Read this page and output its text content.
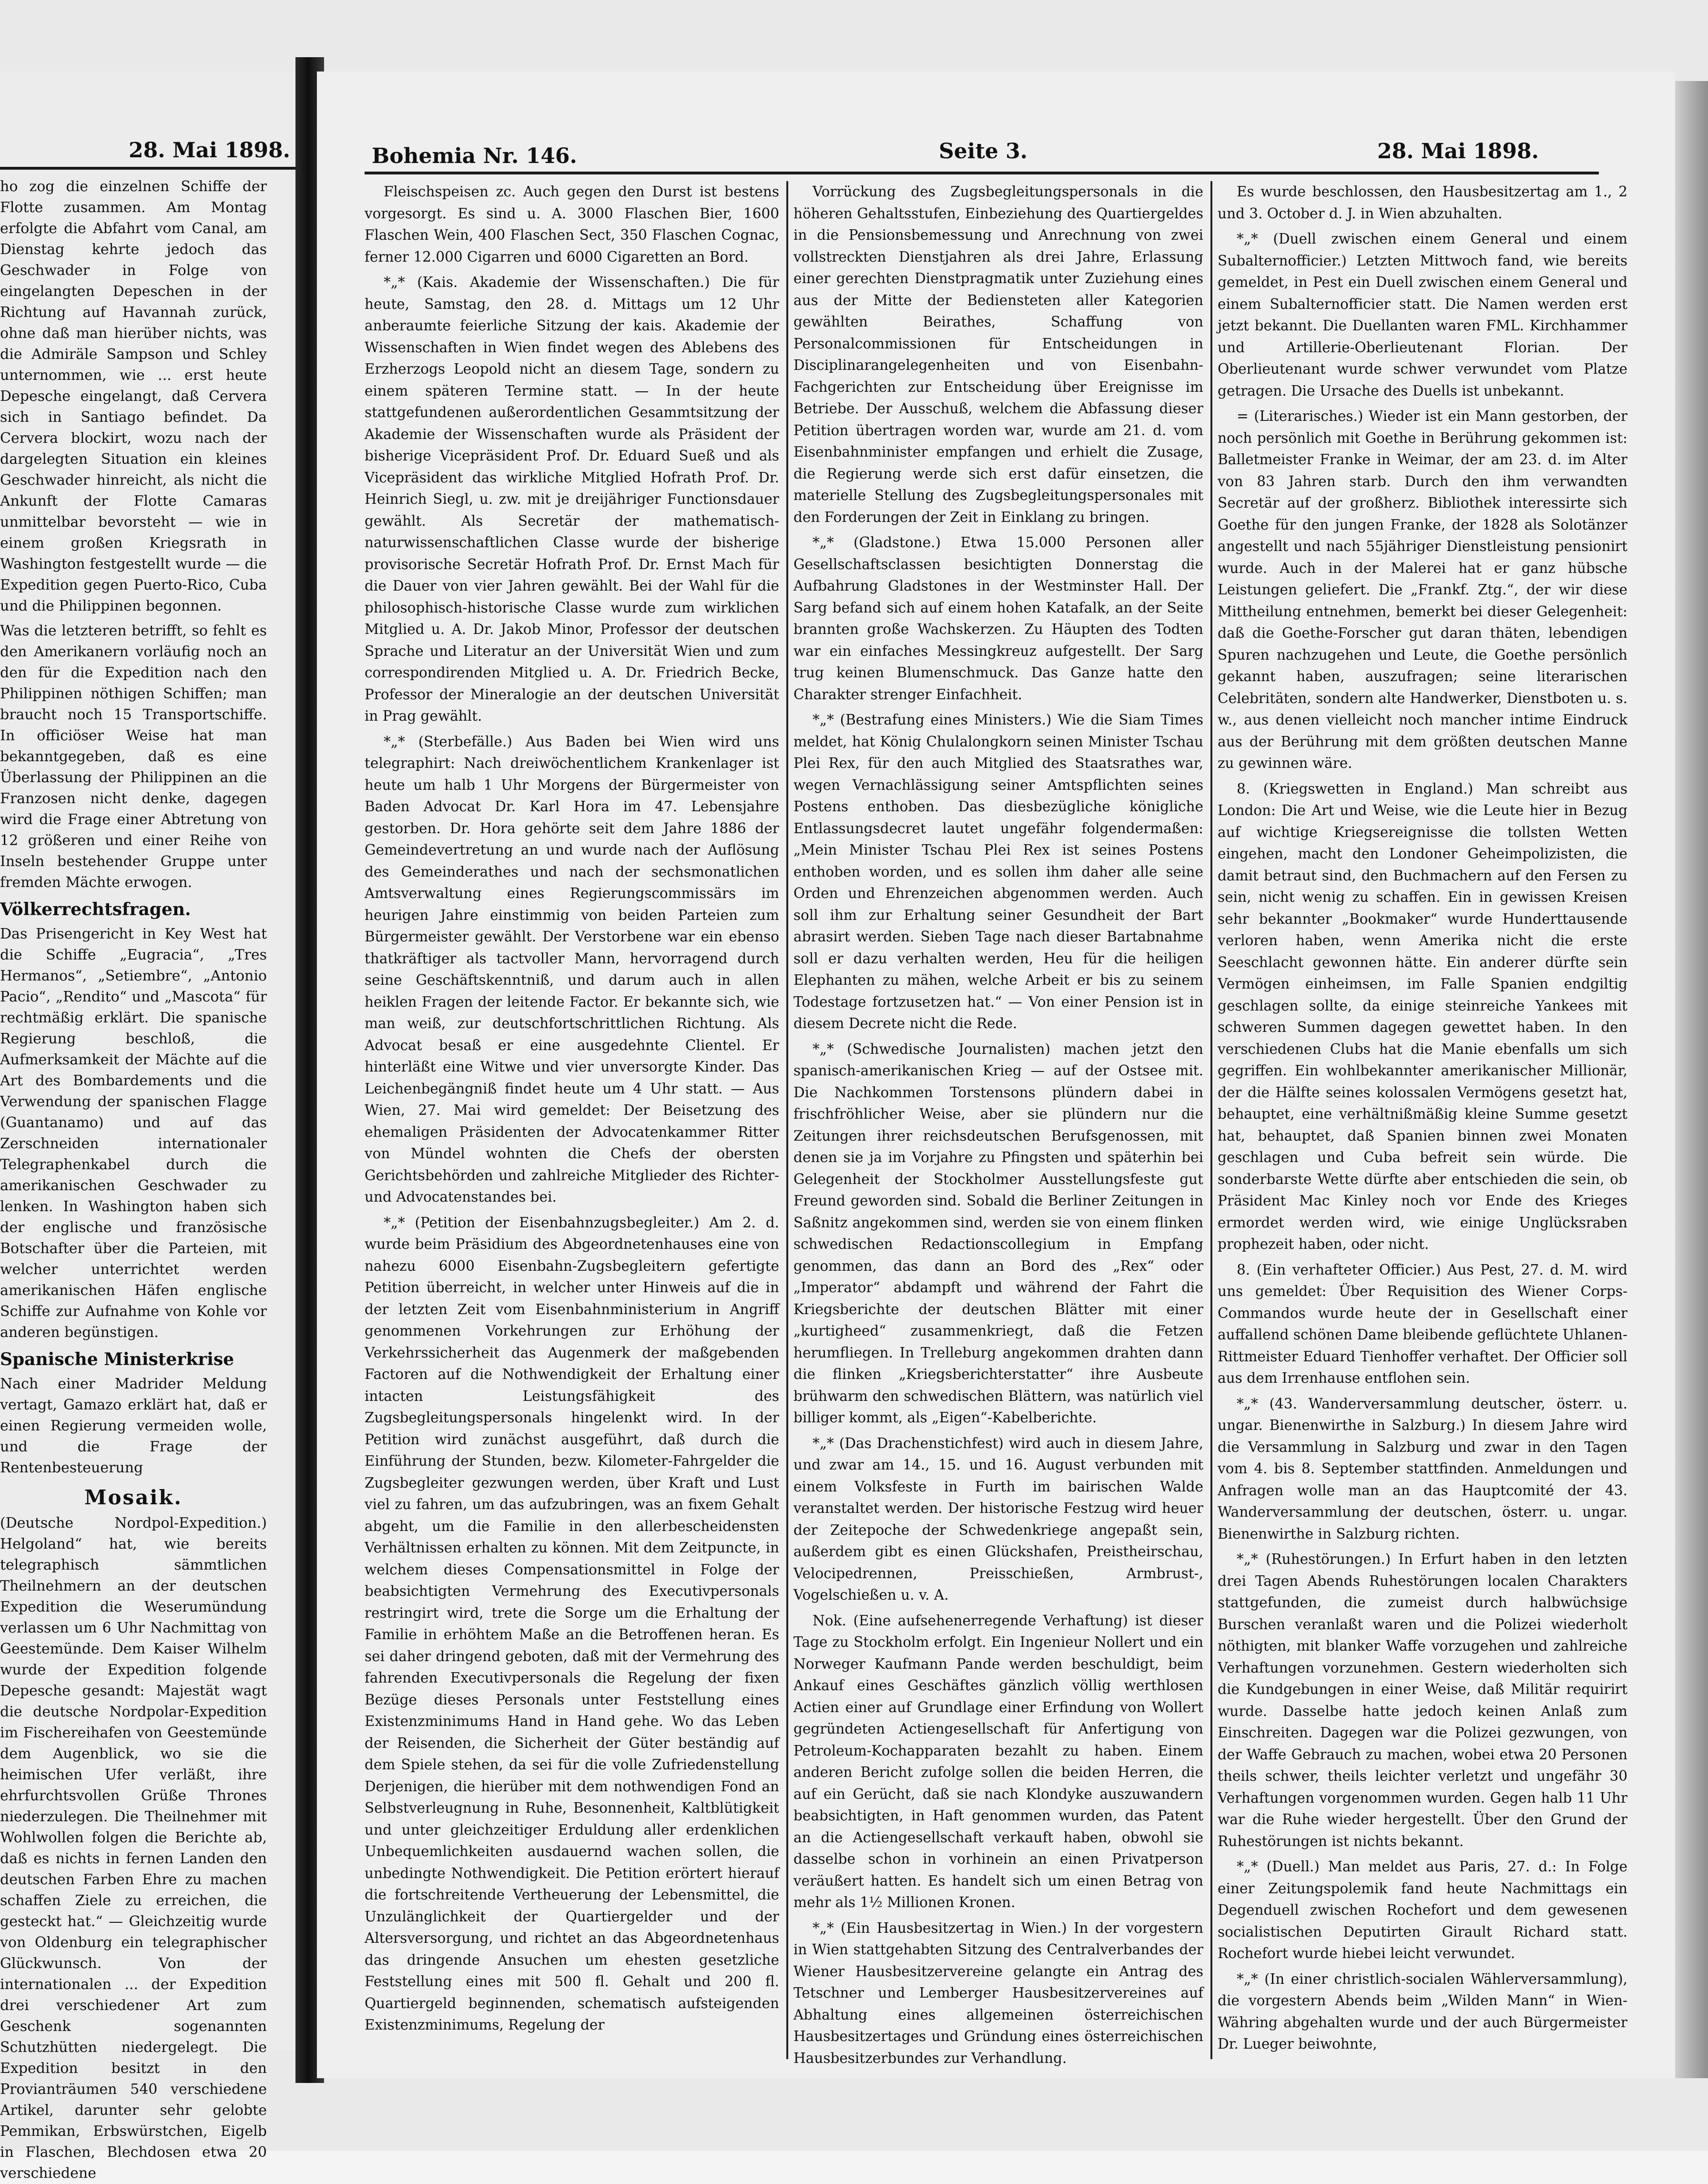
28. Mai 1898.

ho zog die einzelnen Schiffe der Flotte zusammen. Am Montag erfolgte die Abfahrt vom Canal, am Dienstag kehrte jedoch das Geschwader in Folge von eingelangten Depeschen in der Richtung auf Havannah zurück, ohne daß man hierüber nichts, was die Admiräle Sampson und Schley unternommen, wie ... erst heute Depesche eingelangt, daß Cervera sich in Santiago befindet. Da Cervera blockirt, wozu nach der dargelegten Situation ein kleines Geschwader hinreicht, als nicht die Ankunft der Flotte Camaras unmittelbar bevorsteht — wie in einem großen Kriegsrath in Washington festgestellt wurde — die Expedition gegen Puerto-Rico, Cuba und die Philippinen begonnen.

Was die letzteren betrifft, so fehlt es den Amerikanern vorläufig noch an den für die Expedition nach den Philippinen nöthigen Schiffen; man braucht noch 15 Transportschiffe. In officiöser Weise hat man bekanntgegeben, daß es eine Überlassung der Philippinen an die Franzosen nicht denke, dagegen wird die Frage einer Abtretung von 12 größeren und einer Reihe von Inseln bestehender Gruppe unter fremden Mächte erwogen.

Völkerrechtsfragen.

Das Prisengericht in Key West hat die Schiffe „Eugracia“, „Tres Hermanos“, „Setiembre“, „Antonio Pacio“, „Rendito“ und „Mascota“ für rechtmäßig erklärt. Die spanische Regierung beschloß, die Aufmerksamkeit der Mächte auf die Art des Bombardements und die Verwendung der spanischen Flagge (Guantanamo) und auf das Zerschneiden internationaler Telegraphenkabel durch die amerikanischen Geschwader zu lenken. In Washington haben sich der englische und französische Botschafter über die Parteien, mit welcher unterrichtet werden amerikanischen Häfen englische Schiffe zur Aufnahme von Kohle vor anderen begünstigen.

Spanische Ministerkrise

Nach einer Madrider Meldung vertagt, Gamazo erklärt hat, daß er einen Regierung vermeiden wolle, und die Frage der Rentenbesteuerung

Mosaik.

(Deutsche Nordpol-Expedition.) Helgoland“ hat, wie bereits telegraphisch sämmtlichen Theilnehmern an der deutschen Expedition die Weserumündung verlassen um 6 Uhr Nachmittag von Geestemünde. Dem Kaiser Wilhelm wurde der Expedition folgende Depesche gesandt: Majestät wagt die deutsche Nordpolar-Expedition im Fischereihafen von Geestemünde dem Augenblick, wo sie die heimischen Ufer verläßt, ihre ehrfurchtsvollen Grüße Thrones niederzulegen. Die Theilnehmer mit Wohlwollen folgen die Berichte ab, daß es nichts in fernen Landen den deutschen Farben Ehre zu machen schaffen Ziele zu erreichen, die gesteckt hat.“ — Gleichzeitig wurde von Oldenburg ein telegraphischer Glückwunsch. Von der internationalen ... der Expedition drei verschiedener Art zum Geschenk sogenannten Schutzhütten niedergelegt. Die Expedition besitzt in den Provianträumen 540 verschiedene Artikel, darunter sehr gelobte Pemmikan, Erbswürstchen, Eigelb in Flaschen, Blechdosen etwa 20 verschiedene

Bohemia Nr. 146.	Seite 3.	28. Mai 1898.

Fleischspeisen zc. Auch gegen den Durst ist bestens vorgesorgt. Es sind u. A. 3000 Flaschen Bier, 1600 Flaschen Wein, 400 Flaschen Sect, 350 Flaschen Cognac, ferner 12.000 Cigarren und 6000 Cigaretten an Bord.

*„* (Kais. Akademie der Wissenschaften.) Die für heute, Samstag, den 28. d. Mittags um 12 Uhr anberaumte feierliche Sitzung der kais. Akademie der Wissenschaften in Wien findet wegen des Ablebens des Erzherzogs Leopold nicht an diesem Tage, sondern zu einem späteren Termine statt. — In der heute stattgefundenen außerordentlichen Gesammtsitzung der Akademie der Wissenschaften wurde als Präsident der bisherige Vicepräsident Prof. Dr. Eduard Sueß und als Vicepräsident das wirkliche Mitglied Hofrath Prof. Dr. Heinrich Siegl, u. zw. mit je dreijähriger Functionsdauer gewählt. Als Secretär der mathematisch-naturwissenschaftlichen Classe wurde der bisherige provisorische Secretär Hofrath Prof. Dr. Ernst Mach für die Dauer von vier Jahren gewählt. Bei der Wahl für die philosophisch-historische Classe wurde zum wirklichen Mitglied u. A. Dr. Jakob Minor, Professor der deutschen Sprache und Literatur an der Universität Wien und zum correspondirenden Mitglied u. A. Dr. Friedrich Becke, Professor der Mineralogie an der deutschen Universität in Prag gewählt.

*„* (Sterbefälle.) Aus Baden bei Wien wird uns telegraphirt: Nach dreiwöchentlichem Krankenlager ist heute um halb 1 Uhr Morgens der Bürgermeister von Baden Advocat Dr. Karl Hora im 47. Lebensjahre gestorben. Dr. Hora gehörte seit dem Jahre 1886 der Gemeindevertretung an und wurde nach der Auflösung des Gemeinderathes und nach der sechsmonatlichen Amtsverwaltung eines Regierungscommissärs im heurigen Jahre einstimmig von beiden Parteien zum Bürgermeister gewählt. Der Verstorbene war ein ebenso thatkräftiger als tactvoller Mann, hervorragend durch seine Geschäftskenntniß, und darum auch in allen heiklen Fragen der leitende Factor. Er bekannte sich, wie man weiß, zur deutschfortschrittlichen Richtung. Als Advocat besaß er eine ausgedehnte Clientel. Er hinterläßt eine Witwe und vier unversorgte Kinder. Das Leichenbegängniß findet heute um 4 Uhr statt. — Aus Wien, 27. Mai wird gemeldet: Der Beisetzung des ehemaligen Präsidenten der Advocatenkammer Ritter von Mündel wohnten die Chefs der obersten Gerichtsbehörden und zahlreiche Mitglieder des Richter- und Advocatenstandes bei.

*„* (Petition der Eisenbahnzugsbegleiter.) Am 2. d. wurde beim Präsidium des Abgeordnetenhauses eine von nahezu 6000 Eisenbahn-Zugsbegleitern gefertigte Petition überreicht, in welcher unter Hinweis auf die in der letzten Zeit vom Eisenbahnministerium in Angriff genommenen Vorkehrungen zur Erhöhung der Verkehrssicherheit das Augenmerk der maßgebenden Factoren auf die Nothwendigkeit der Erhaltung einer intacten Leistungsfähigkeit des Zugsbegleitungspersonals hingelenkt wird. In der Petition wird zunächst ausgeführt, daß durch die Einführung der Stunden, bezw. Kilometer-Fahrgelder die Zugsbegleiter gezwungen werden, über Kraft und Lust viel zu fahren, um das aufzubringen, was an fixem Gehalt abgeht, um die Familie in den allerbescheidensten Verhältnissen erhalten zu können. Mit dem Zeitpuncte, in welchem dieses Compensationsmittel in Folge der beabsichtigten Vermehrung des Executivpersonals restringirt wird, trete die Sorge um die Erhaltung der Familie in erhöhtem Maße an die Betroffenen heran. Es sei daher dringend geboten, daß mit der Vermehrung des fahrenden Executivpersonals die Regelung der fixen Bezüge dieses Personals unter Feststellung eines Existenzminimums Hand in Hand gehe. Wo das Leben der Reisenden, die Sicherheit der Güter beständig auf dem Spiele stehen, da sei für die volle Zufriedenstellung Derjenigen, die hierüber mit dem nothwendigen Fond an Selbstverleugnung in Ruhe, Besonnenheit, Kaltblütigkeit und unter gleichzeitiger Erduldung aller erdenklichen Unbequemlichkeiten ausdauernd wachen sollen, die unbedingte Nothwendigkeit. Die Petition erörtert hierauf die fortschreitende Vertheuerung der Lebensmittel, die Unzulänglichkeit der Quartiergelder und der Altersversorgung, und richtet an das Abgeordnetenhaus das dringende Ansuchen um ehesten gesetzliche Feststellung eines mit 500 fl. Gehalt und 200 fl. Quartiergeld beginnenden, schematisch aufsteigenden Existenzminimums, Regelung der

Vorrückung des Zugsbegleitungspersonals in die höheren Gehaltsstufen, Einbeziehung des Quartiergeldes in die Pensionsbemessung und Anrechnung von zwei vollstreckten Dienstjahren als drei Jahre, Erlassung einer gerechten Dienstpragmatik unter Zuziehung eines aus der Mitte der Bediensteten aller Kategorien gewählten Beirathes, Schaffung von Personalcommissionen für Entscheidungen in Disciplinarangelegenheiten und von Eisenbahn-Fachgerichten zur Entscheidung über Ereignisse im Betriebe. Der Ausschuß, welchem die Abfassung dieser Petition übertragen worden war, wurde am 21. d. vom Eisenbahnminister empfangen und erhielt die Zusage, die Regierung werde sich erst dafür einsetzen, die materielle Stellung des Zugsbegleitungspersonales mit den Forderungen der Zeit in Einklang zu bringen.

*„* (Gladstone.) Etwa 15.000 Personen aller Gesellschaftsclassen besichtigten Donnerstag die Aufbahrung Gladstones in der Westminster Hall. Der Sarg befand sich auf einem hohen Katafalk, an der Seite brannten große Wachskerzen. Zu Häupten des Todten war ein einfaches Messingkreuz aufgestellt. Der Sarg trug keinen Blumenschmuck. Das Ganze hatte den Charakter strenger Einfachheit.

*„* (Bestrafung eines Ministers.) Wie die Siam Times meldet, hat König Chulalongkorn seinen Minister Tschau Plei Rex, für den auch Mitglied des Staatsrathes war, wegen Vernachlässigung seiner Amtspflichten seines Postens enthoben. Das diesbezügliche königliche Entlassungsdecret lautet ungefähr folgendermaßen: „Mein Minister Tschau Plei Rex ist seines Postens enthoben worden, und es sollen ihm daher alle seine Orden und Ehrenzeichen abgenommen werden. Auch soll ihm zur Erhaltung seiner Gesundheit der Bart abrasirt werden. Sieben Tage nach dieser Bartabnahme soll er dazu verhalten werden, Heu für die heiligen Elephanten zu mähen, welche Arbeit er bis zu seinem Todestage fortzusetzen hat.“ — Von einer Pension ist in diesem Decrete nicht die Rede.

*„* (Schwedische Journalisten) machen jetzt den spanisch-amerikanischen Krieg — auf der Ostsee mit. Die Nachkommen Torstensons plündern dabei in frischfröhlicher Weise, aber sie plündern nur die Zeitungen ihrer reichsdeutschen Berufsgenossen, mit denen sie ja im Vorjahre zu Pfingsten und späterhin bei Gelegenheit der Stockholmer Ausstellungsfeste gut Freund geworden sind. Sobald die Berliner Zeitungen in Saßnitz angekommen sind, werden sie von einem flinken schwedischen Redactionscollegium in Empfang genommen, das dann an Bord des „Rex“ oder „Imperator“ abdampft und während der Fahrt die Kriegsberichte der deutschen Blätter mit einer „kurtigheed“ zusammenkriegt, daß die Fetzen herumfliegen. In Trelleburg angekommen drahten dann die flinken „Kriegsberichterstatter“ ihre Ausbeute brühwarm den schwedischen Blättern, was natürlich viel billiger kommt, als „Eigen“-Kabelberichte.

*„* (Das Drachenstichfest) wird auch in diesem Jahre, und zwar am 14., 15. und 16. August verbunden mit einem Volksfeste in Furth im bairischen Walde veranstaltet werden. Der historische Festzug wird heuer der Zeitepoche der Schwedenkriege angepaßt sein, außerdem gibt es einen Glückshafen, Preistheirschau, Velocipedrennen, Preisschießen, Armbrust-, Vogelschießen u. v. A.

Nok. (Eine aufsehenerregende Verhaftung) ist dieser Tage zu Stockholm erfolgt. Ein Ingenieur Nollert und ein Norweger Kaufmann Pande werden beschuldigt, beim Ankauf eines Geschäftes gänzlich völlig werthlosen Actien einer auf Grundlage einer Erfindung von Wollert gegründeten Actiengesellschaft für Anfertigung von Petroleum-Kochapparaten bezahlt zu haben. Einem anderen Bericht zufolge sollen die beiden Herren, die auf ein Gerücht, daß sie nach Klondyke auszuwandern beabsichtigten, in Haft genommen wurden, das Patent an die Actiengesellschaft verkauft haben, obwohl sie dasselbe schon in vorhinein an einen Privatperson veräußert hatten. Es handelt sich um einen Betrag von mehr als 1½ Millionen Kronen.

*„* (Ein Hausbesitzertag in Wien.) In der vorgestern in Wien stattgehabten Sitzung des Centralverbandes der Wiener Hausbesitzervereine gelangte ein Antrag des Tetschner und Lemberger Hausbesitzervereines auf Abhaltung eines allgemeinen österreichischen Hausbesitzertages und Gründung eines österreichischen Hausbesitzerbundes zur Verhandlung.

Es wurde beschlossen, den Hausbesitzertag am 1., 2 und 3. October d. J. in Wien abzuhalten.

*„* (Duell zwischen einem General und einem Subalternofficier.) Letzten Mittwoch fand, wie bereits gemeldet, in Pest ein Duell zwischen einem General und einem Subalternofficier statt. Die Namen werden erst jetzt bekannt. Die Duellanten waren FML. Kirchhammer und Artillerie-Oberlieutenant Florian. Der Oberlieutenant wurde schwer verwundet vom Platze getragen. Die Ursache des Duells ist unbekannt.

= (Literarisches.) Wieder ist ein Mann gestorben, der noch persönlich mit Goethe in Berührung gekommen ist: Balletmeister Franke in Weimar, der am 23. d. im Alter von 83 Jahren starb. Durch den ihm verwandten Secretär auf der großherz. Bibliothek interessirte sich Goethe für den jungen Franke, der 1828 als Solotänzer angestellt und nach 55jähriger Dienstleistung pensionirt wurde. Auch in der Malerei hat er ganz hübsche Leistungen geliefert. Die „Frankf. Ztg.“, der wir diese Mittheilung entnehmen, bemerkt bei dieser Gelegenheit: daß die Goethe-Forscher gut daran thäten, lebendigen Spuren nachzugehen und Leute, die Goethe persönlich gekannt haben, auszufragen; seine literarischen Celebritäten, sondern alte Handwerker, Dienstboten u. s. w., aus denen vielleicht noch mancher intime Eindruck aus der Berührung mit dem größten deutschen Manne zu gewinnen wäre.

8. (Kriegswetten in England.) Man schreibt aus London: Die Art und Weise, wie die Leute hier in Bezug auf wichtige Kriegsereignisse die tollsten Wetten eingehen, macht den Londoner Geheimpolizisten, die damit betraut sind, den Buchmachern auf den Fersen zu sein, nicht wenig zu schaffen. Ein in gewissen Kreisen sehr bekannter „Bookmaker“ wurde Hunderttausende verloren haben, wenn Amerika nicht die erste Seeschlacht gewonnen hätte. Ein anderer dürfte sein Vermögen einheimsen, im Falle Spanien endgiltig geschlagen sollte, da einige steinreiche Yankees mit schweren Summen dagegen gewettet haben. In den verschiedenen Clubs hat die Manie ebenfalls um sich gegriffen. Ein wohlbekannter amerikanischer Millionär, der die Hälfte seines kolossalen Vermögens gesetzt hat, behauptet, eine verhältnißmäßig kleine Summe gesetzt hat, behauptet, daß Spanien binnen zwei Monaten geschlagen und Cuba befreit sein würde. Die sonderbarste Wette dürfte aber entschieden die sein, ob Präsident Mac Kinley noch vor Ende des Krieges ermordet werden wird, wie einige Unglücksraben prophezeit haben, oder nicht.

8. (Ein verhafteter Officier.) Aus Pest, 27. d. M. wird uns gemeldet: Über Requisition des Wiener Corps-Commandos wurde heute der in Gesellschaft einer auffallend schönen Dame bleibende geflüchtete Uhlanen-Rittmeister Eduard Tienhoffer verhaftet. Der Officier soll aus dem Irrenhause entflohen sein.

*„* (43. Wanderversammlung deutscher, österr. u. ungar. Bienenwirthe in Salzburg.) In diesem Jahre wird die Versammlung in Salzburg und zwar in den Tagen vom 4. bis 8. September stattfinden. Anmeldungen und Anfragen wolle man an das Hauptcomité der 43. Wanderversammlung der deutschen, österr. u. ungar. Bienenwirthe in Salzburg richten.

*„* (Ruhestörungen.) In Erfurt haben in den letzten drei Tagen Abends Ruhestörungen localen Charakters stattgefunden, die zumeist durch halbwüchsige Burschen veranlaßt waren und die Polizei wiederholt nöthigten, mit blanker Waffe vorzugehen und zahlreiche Verhaftungen vorzunehmen. Gestern wiederholten sich die Kundgebungen in einer Weise, daß Militär requirirt wurde. Dasselbe hatte jedoch keinen Anlaß zum Einschreiten. Dagegen war die Polizei gezwungen, von der Waffe Gebrauch zu machen, wobei etwa 20 Personen theils schwer, theils leichter verletzt und ungefähr 30 Verhaftungen vorgenommen wurden. Gegen halb 11 Uhr war die Ruhe wieder hergestellt. Über den Grund der Ruhestörungen ist nichts bekannt.

*„* (Duell.) Man meldet aus Paris, 27. d.: In Folge einer Zeitungspolemik fand heute Nachmittags ein Degenduell zwischen Rochefort und dem gewesenen socialistischen Deputirten Girault Richard statt. Rochefort wurde hiebei leicht verwundet.

*„* (In einer christlich-socialen Wählerversammlung), die vorgestern Abends beim „Wilden Mann“ in Wien-Währing abgehalten wurde und der auch Bürgermeister Dr. Lueger beiwohnte,
